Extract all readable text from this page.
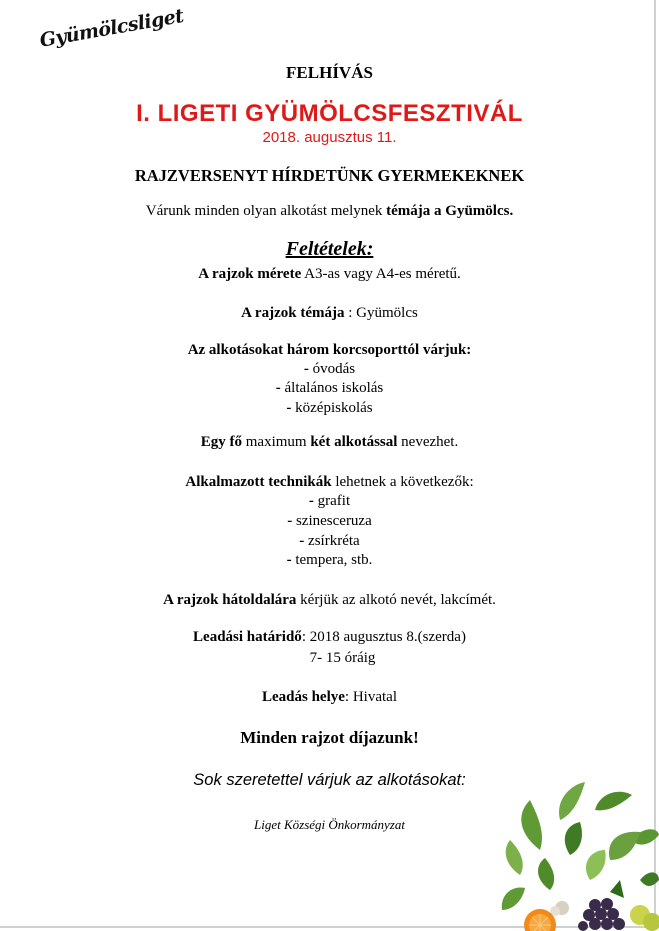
Gyümölcsliget
FELHÍVÁS
I. LIGETI GYÜMÖLCSFESZTIVÁL
2018. augusztus 11.
RAJZVERSENYT HÍRDETÜNK GYERMEKEKNEK
Várunk minden olyan alkotást melynek témája a Gyümölcs.
Feltételek:
A rajzok mérete A3-as vagy A4-es méretű.
A rajzok témája : Gyümölcs
Az alkotásokat három korcsoporttól várjuk:
- óvodás
- általános iskolás
- középiskolás
Egy fő maximum két alkotással nevezhet.
Alkalmazott technikák lehetnek a következők:
- grafit
- szinesceruza
- zsírkréta
- tempera, stb.
A rajzok hátoldalára kérjük az alkotó nevét, lakcímét.
Leadási határidő: 2018 augusztus 8.(szerda)
7- 15 óráig
Leadás helye: Hivatal
Minden rajzot díjazunk!
Sok szeretettel várjuk az alkotásokat:
Liget Községi Önkormányzat
